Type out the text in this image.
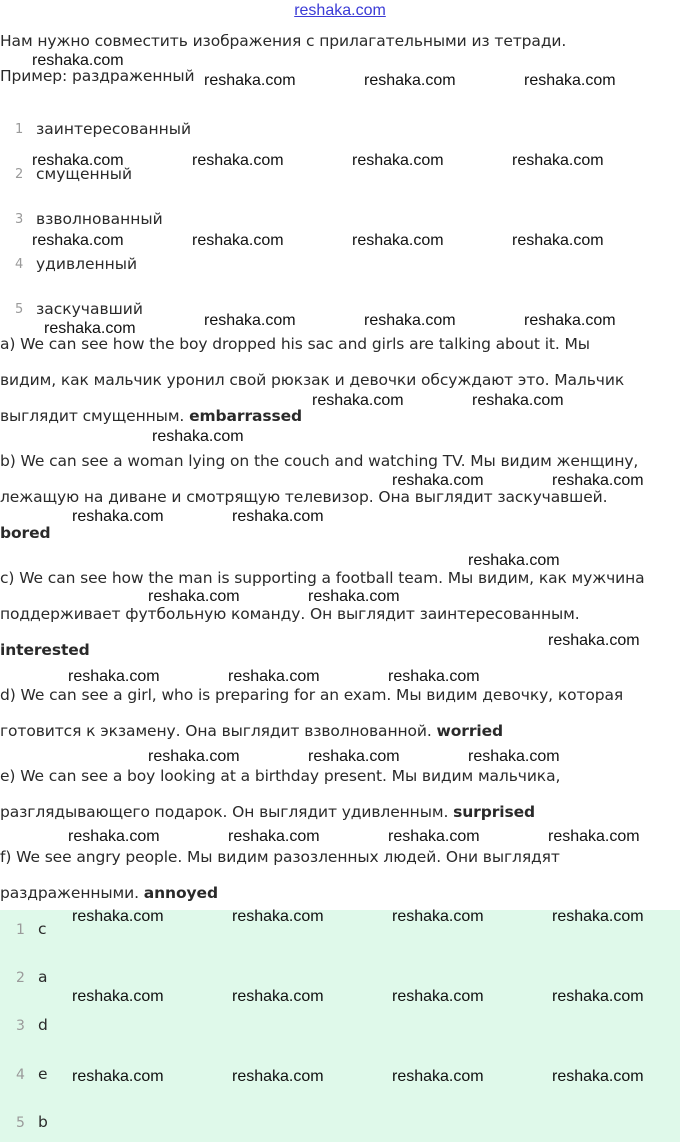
reshaka.com
Нам нужно совместить изображения с прилагательными из тетради.
Пример: раздраженный
1 заинтересованный
2 смущенный
3 взволнованный
4 удивленный
5 заскучавший
a) We can see how the boy dropped his sac and girls are talking about it. Мы
видим, как мальчик уронил свой рюкзак и девочки обсуждают это. Мальчик
выглядит смущенным. embarrassed
b) We can see a woman lying on the couch and watching TV. Мы видим женщину,
лежащую на диване и смотрящую телевизор. Она выглядит заскучавшей.
bored
c) We can see how the man is supporting a football team. Мы видим, как мужчина
поддерживает футбольную команду. Он выглядит заинтересованным.
interested
d) We can see a girl, who is preparing for an exam. Мы видим девочку, которая
готовится к экзамену. Она выглядит взволнованной. worried
e) We can see a boy looking at a birthday present. Мы видим мальчика,
разглядывающего подарок. Он выглядит удивленным. surprised
f) We see angry people. Мы видим разозленных людей. Они выглядят
раздраженными. annoyed
1 c
2 a
3 d
4 e
5 b
reshaka.com
reshaka.com	reshaka.com	reshaka.com
reshaka.com	reshaka.com	reshaka.com	reshaka.com
reshaka.com	reshaka.com	reshaka.com	reshaka.com
reshaka.com	reshaka.com	reshaka.com	reshaka.com
reshaka.com	reshaka.com
reshaka.com
reshaka.com	reshaka.com
reshaka.com	reshaka.com
reshaka.com
reshaka.com	reshaka.com
reshaka.com
reshaka.com	reshaka.com	reshaka.com
reshaka.com	reshaka.com	reshaka.com
reshaka.com	reshaka.com	reshaka.com	reshaka.com
reshaka.com	reshaka.com	reshaka.com	reshaka.com
reshaka.com	reshaka.com	reshaka.com	reshaka.com
reshaka.com	reshaka.com	reshaka.com	reshaka.com
